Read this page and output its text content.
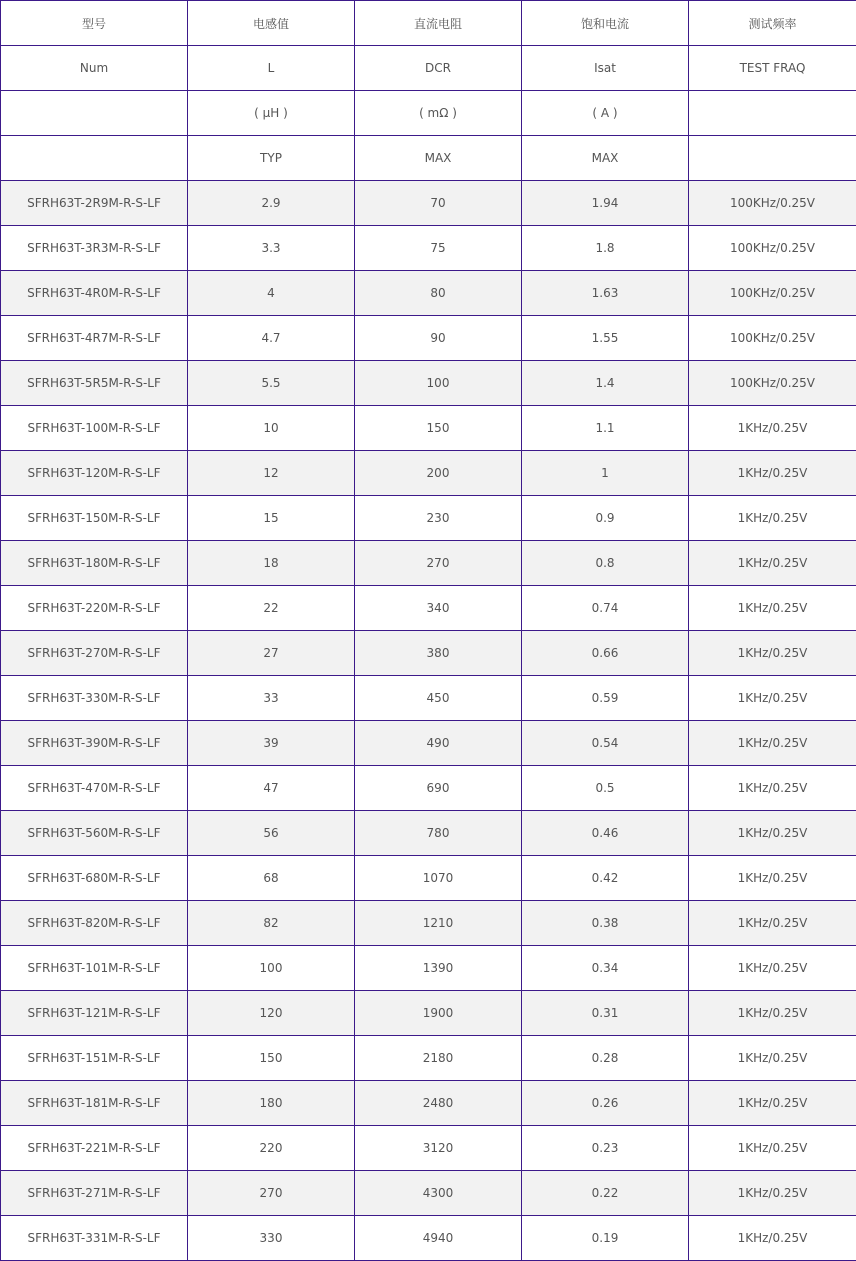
型号	电感值	直流电阻	饱和电流	测试频率
Num	L	DCR	Isat	TEST FRAQ
	( μH )	( mΩ )	( A )	
	TYP	MAX	MAX	
SFRH63T-2R9M-R-S-LF	2.9	70	1.94	100KHz/0.25V
SFRH63T-3R3M-R-S-LF	3.3	75	1.8	100KHz/0.25V
SFRH63T-4R0M-R-S-LF	4	80	1.63	100KHz/0.25V
SFRH63T-4R7M-R-S-LF	4.7	90	1.55	100KHz/0.25V
SFRH63T-5R5M-R-S-LF	5.5	100	1.4	100KHz/0.25V
SFRH63T-100M-R-S-LF	10	150	1.1	1KHz/0.25V
SFRH63T-120M-R-S-LF	12	200	1	1KHz/0.25V
SFRH63T-150M-R-S-LF	15	230	0.9	1KHz/0.25V
SFRH63T-180M-R-S-LF	18	270	0.8	1KHz/0.25V
SFRH63T-220M-R-S-LF	22	340	0.74	1KHz/0.25V
SFRH63T-270M-R-S-LF	27	380	0.66	1KHz/0.25V
SFRH63T-330M-R-S-LF	33	450	0.59	1KHz/0.25V
SFRH63T-390M-R-S-LF	39	490	0.54	1KHz/0.25V
SFRH63T-470M-R-S-LF	47	690	0.5	1KHz/0.25V
SFRH63T-560M-R-S-LF	56	780	0.46	1KHz/0.25V
SFRH63T-680M-R-S-LF	68	1070	0.42	1KHz/0.25V
SFRH63T-820M-R-S-LF	82	1210	0.38	1KHz/0.25V
SFRH63T-101M-R-S-LF	100	1390	0.34	1KHz/0.25V
SFRH63T-121M-R-S-LF	120	1900	0.31	1KHz/0.25V
SFRH63T-151M-R-S-LF	150	2180	0.28	1KHz/0.25V
SFRH63T-181M-R-S-LF	180	2480	0.26	1KHz/0.25V
SFRH63T-221M-R-S-LF	220	3120	0.23	1KHz/0.25V
SFRH63T-271M-R-S-LF	270	4300	0.22	1KHz/0.25V
SFRH63T-331M-R-S-LF	330	4940	0.19	1KHz/0.25V
